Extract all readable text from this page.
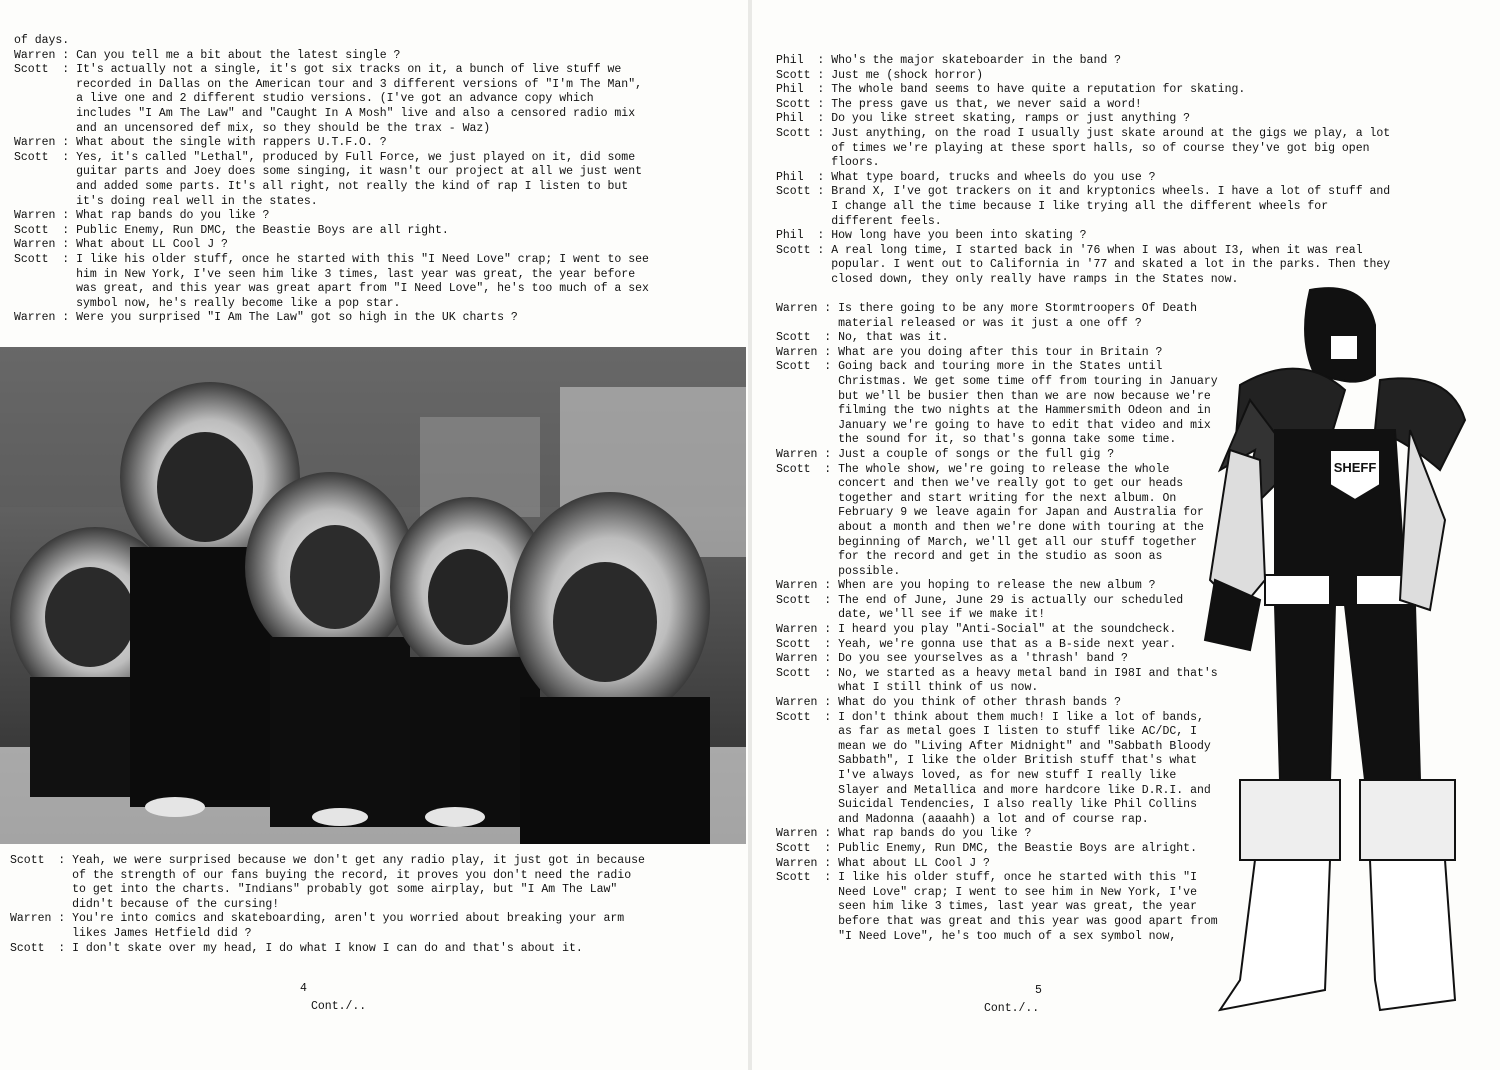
of days.
Warren : Can you tell me a bit about the latest single ?
Scott	: It's actually not a single, it's got six tracks on it, a bunch of live stuff we recorded in Dallas on the American tour and 3 different versions of "I'm The Man", a live one and 2 different studio versions. (I've got an advance copy which includes "I Am The Law" and "Caught In A Mosh" live and also a censored radio mix and an uncensored def mix, so they should be the trax - Waz)
Warren : What about the single with rappers U.T.F.O. ?
Scott	: Yes, it's called "Lethal", produced by Full Force, we just played on it, did some guitar parts and Joey does some singing, it wasn't our project at all we just went and added some parts. It's all right, not really the kind of rap I listen to but it's doing real well in the states.
Warren : What rap bands do you like ?
Scott	: Public Enemy, Run DMC, the Beastie Boys are all right.
Warren : What about LL Cool J ?
Scott	: I like his older stuff, once he started with this "I Need Love" crap; I went to see him in New York, I've seen him like 3 times, last year was great, the year before was great, and this year was great apart from "I Need Love", he's too much of a sex symbol now, he's really become like a pop star.
Warren : Were you surprised "I Am The Law" got so high in the UK charts ?
Scott	: Yeah, we were surprised because we don't get any radio play, it just got in because of the strength of our fans buying the record, it proves you don't need the radio to get into the charts. "Indians" probably got some airplay, but "I Am The Law" didn't because of the cursing!
Warren : You're into comics and skateboarding, aren't you worried about breaking your arm likes James Hetfield did ?
Scott	: I don't skate over my head, I do what I know I can do and that's about it.
4
Cont./..
Phil	: Who's the major skateboarder in the band ?
Scott : Just me (shock horror)
Phil	: The whole band seems to have quite a reputation for skating.
Scott : The press gave us that, we never said a word!
Phil	: Do you like street skating, ramps or just anything ?
Scott : Just anything, on the road I usually just skate around at the gigs we play, a lot of times we're playing at these sport halls, so of course they've got big open floors.
Phil	: What type board, trucks and wheels do you use ?
Scott : Brand X, I've got trackers on it and kryptonics wheels. I have a lot of stuff and I change all the time because I like trying all the different wheels for different feels.
Phil	: How long have you been into skating ?
Scott : A real long time, I started back in '76 when I was about I3, when it was real popular. I went out to California in '77 and skated a lot in the parks. Then they closed down, they only really have ramps in the States now.
Warren : Is there going to be any more Stormtroopers Of Death material released or was it just a one off ?
Scott	: No, that was it.
Warren : What are you doing after this tour in Britain ?
Scott	: Going back and touring more in the States until Christmas. We get some time off from touring in January but we'll be busier then than we are now because we're filming the two nights at the Hammersmith Odeon and in January we're going to have to edit that video and mix the sound for it, so that's gonna take some time.
Warren : Just a couple of songs or the full gig ?
Scott	: The whole show, we're going to release the whole concert and then we've really got to get our heads together and start writing for the next album. On February 9 we leave again for Japan and Australia for about a month and then we're done with touring at the beginning of March, we'll get all our stuff together for the record and get in the studio as soon as possible.
Warren : When are you hoping to release the new album ?
Scott	: The end of June, June 29 is actually our scheduled date, we'll see if we make it!
Warren : I heard you play "Anti-Social" at the soundcheck.
Scott	: Yeah, we're gonna use that as a B-side next year.
Warren : Do you see yourselves as a 'thrash' band ?
Scott	: No, we started as a heavy metal band in I98I and that's what I still think of us now.
Warren : What do you think of other thrash bands ?
Scott	: I don't think about them much! I like a lot of bands, as far as metal goes I listen to stuff like AC/DC, I mean we do "Living After Midnight" and "Sabbath Bloody Sabbath", I like the older British stuff that's what I've always loved, as for new stuff I really like Slayer and Metallica and more hardcore like D.R.I. and Suicidal Tendencies, I also really like Phil Collins and Madonna (aaaahh) a lot and of course rap.
Warren : What rap bands do you like ?
Scott	: Public Enemy, Run DMC, the Beastie Boys are alright.
Warren : What about LL Cool J ?
Scott	: I like his older stuff, once he started with this "I Need Love" crap; I went to see him in New York, I've seen him like 3 times, last year was great, the year before that was great and this year was good apart from "I Need Love", he's too much of a sex symbol now,
SHEFF
5
Cont./..
